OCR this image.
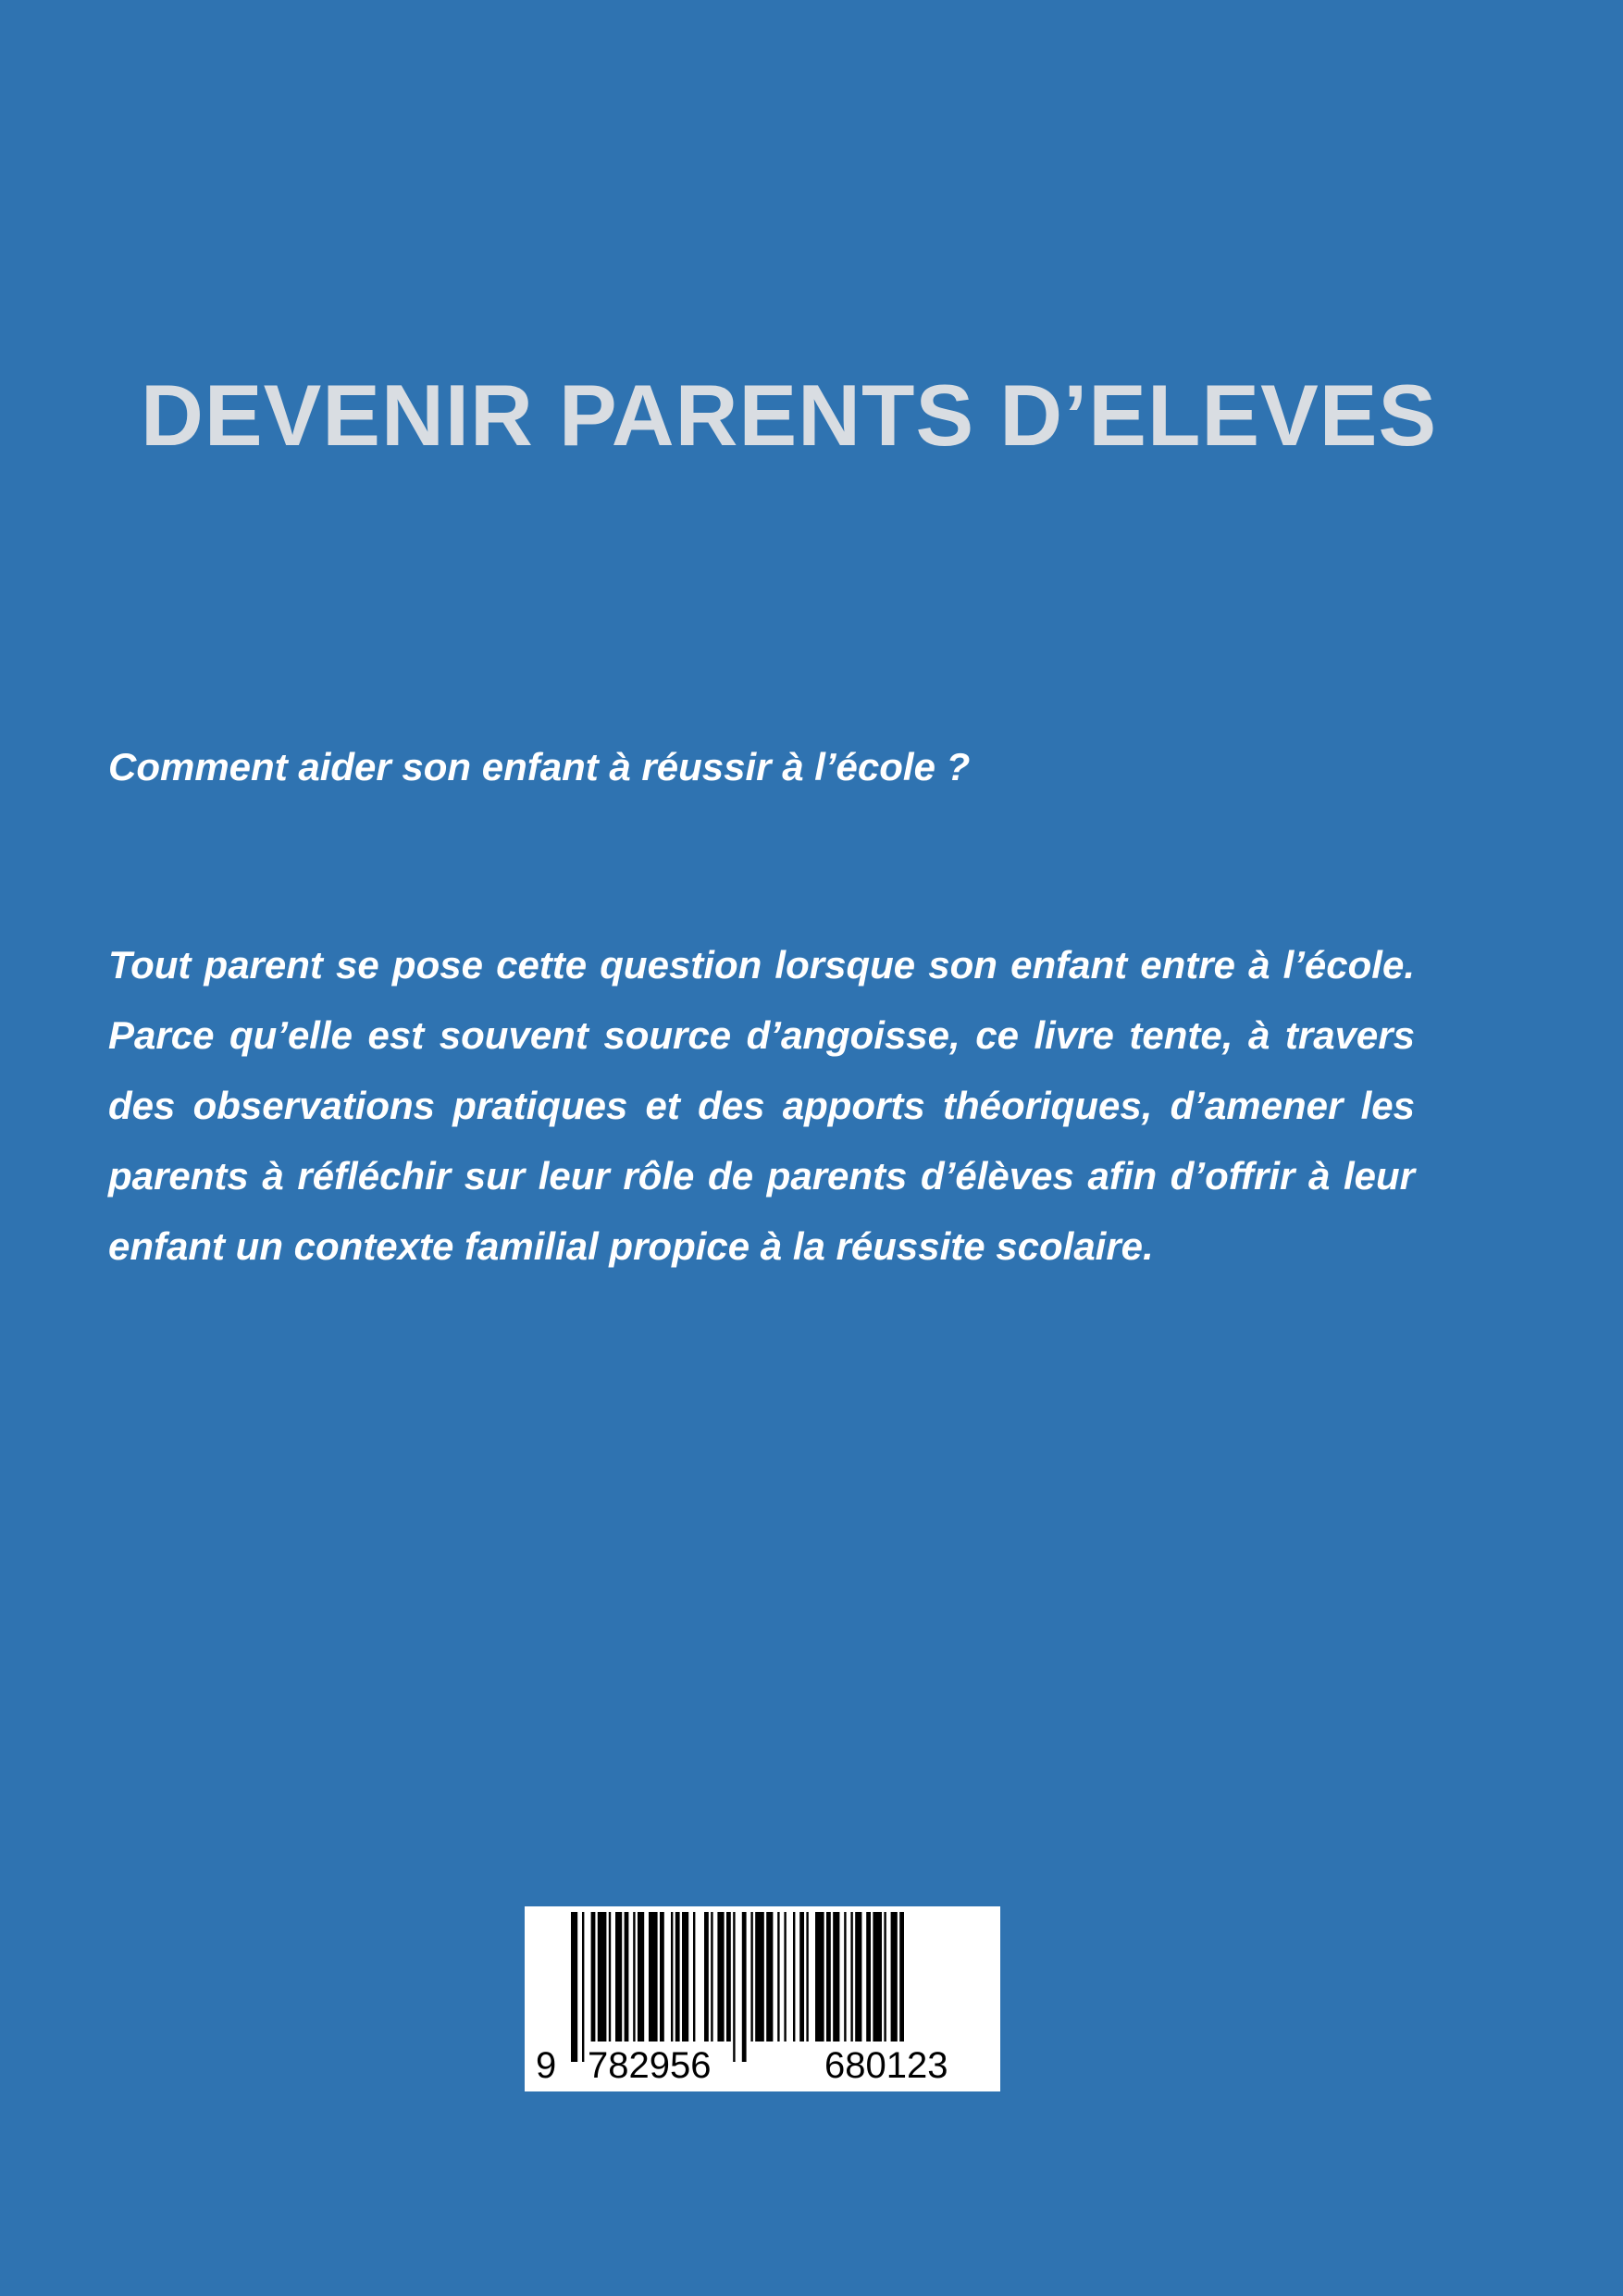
DEVENIR PARENTS D’ELEVES

Comment aider son enfant à réussir à l’école ?

Tout parent se pose cette question lorsque son enfant entre à l’école. Parce qu’elle est souvent source d’angoisse, ce livre tente, à travers des observations pratiques et des apports théoriques, d’amener les parents à réfléchir sur leur rôle de parents d’élèves afin d’offrir à leur enfant un contexte familial propice à la réussite scolaire.

9 782956	680123
